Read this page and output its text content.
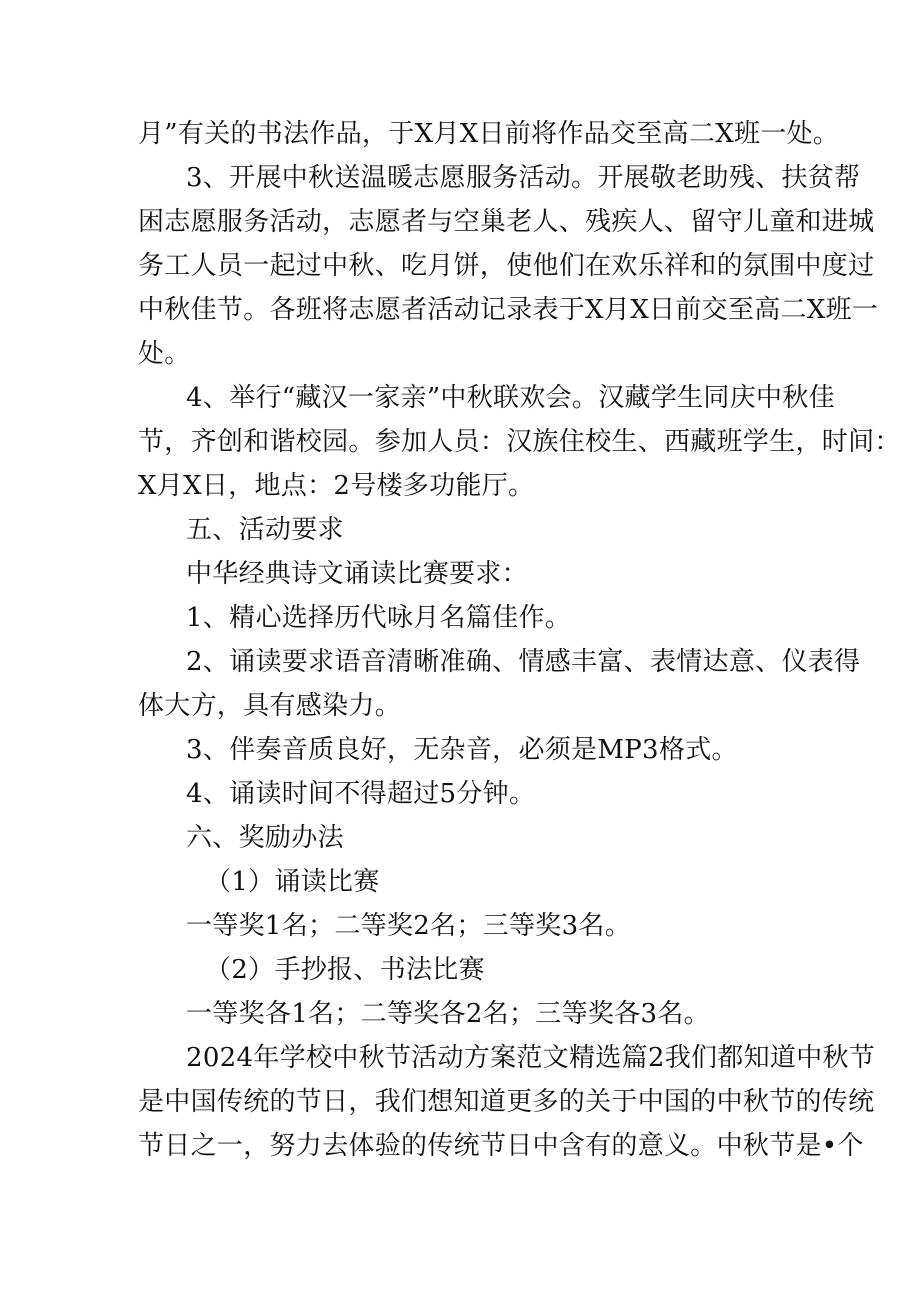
月”有关的书法作品，于X月X日前将作品交至高二X班一处。
3、开展中秋送温暖志愿服务活动。开展敬老助残、扶贫帮
困志愿服务活动，志愿者与空巢老人、残疾人、留守儿童和进城
务工人员一起过中秋、吃月饼，使他们在欢乐祥和的氛围中度过
中秋佳节。各班将志愿者活动记录表于X月X日前交至高二X班一
处。
4、举行“藏汉一家亲”中秋联欢会。汉藏学生同庆中秋佳
节，齐创和谐校园。参加人员：汉族住校生、西藏班学生，时间：
X月X日，地点：2号楼多功能厅。
五、活动要求
中华经典诗文诵读比赛要求：
1、精心选择历代咏月名篇佳作。
2、诵读要求语音清晰准确、情感丰富、表情达意、仪表得
体大方，具有感染力。
3、伴奏音质良好，无杂音，必须是MP3格式。
4、诵读时间不得超过5分钟。
六、奖励办法
（1）诵读比赛
一等奖1名；二等奖2名；三等奖3名。
（2）手抄报、书法比赛
一等奖各1名；二等奖各2名；三等奖各3名。
2024年学校中秋节活动方案范文精选篇2我们都知道中秋节
是中国传统的节日，我们想知道更多的关于中国的中秋节的传统
节日之一，努力去体验的传统节日中含有的意义。中秋节是•个
